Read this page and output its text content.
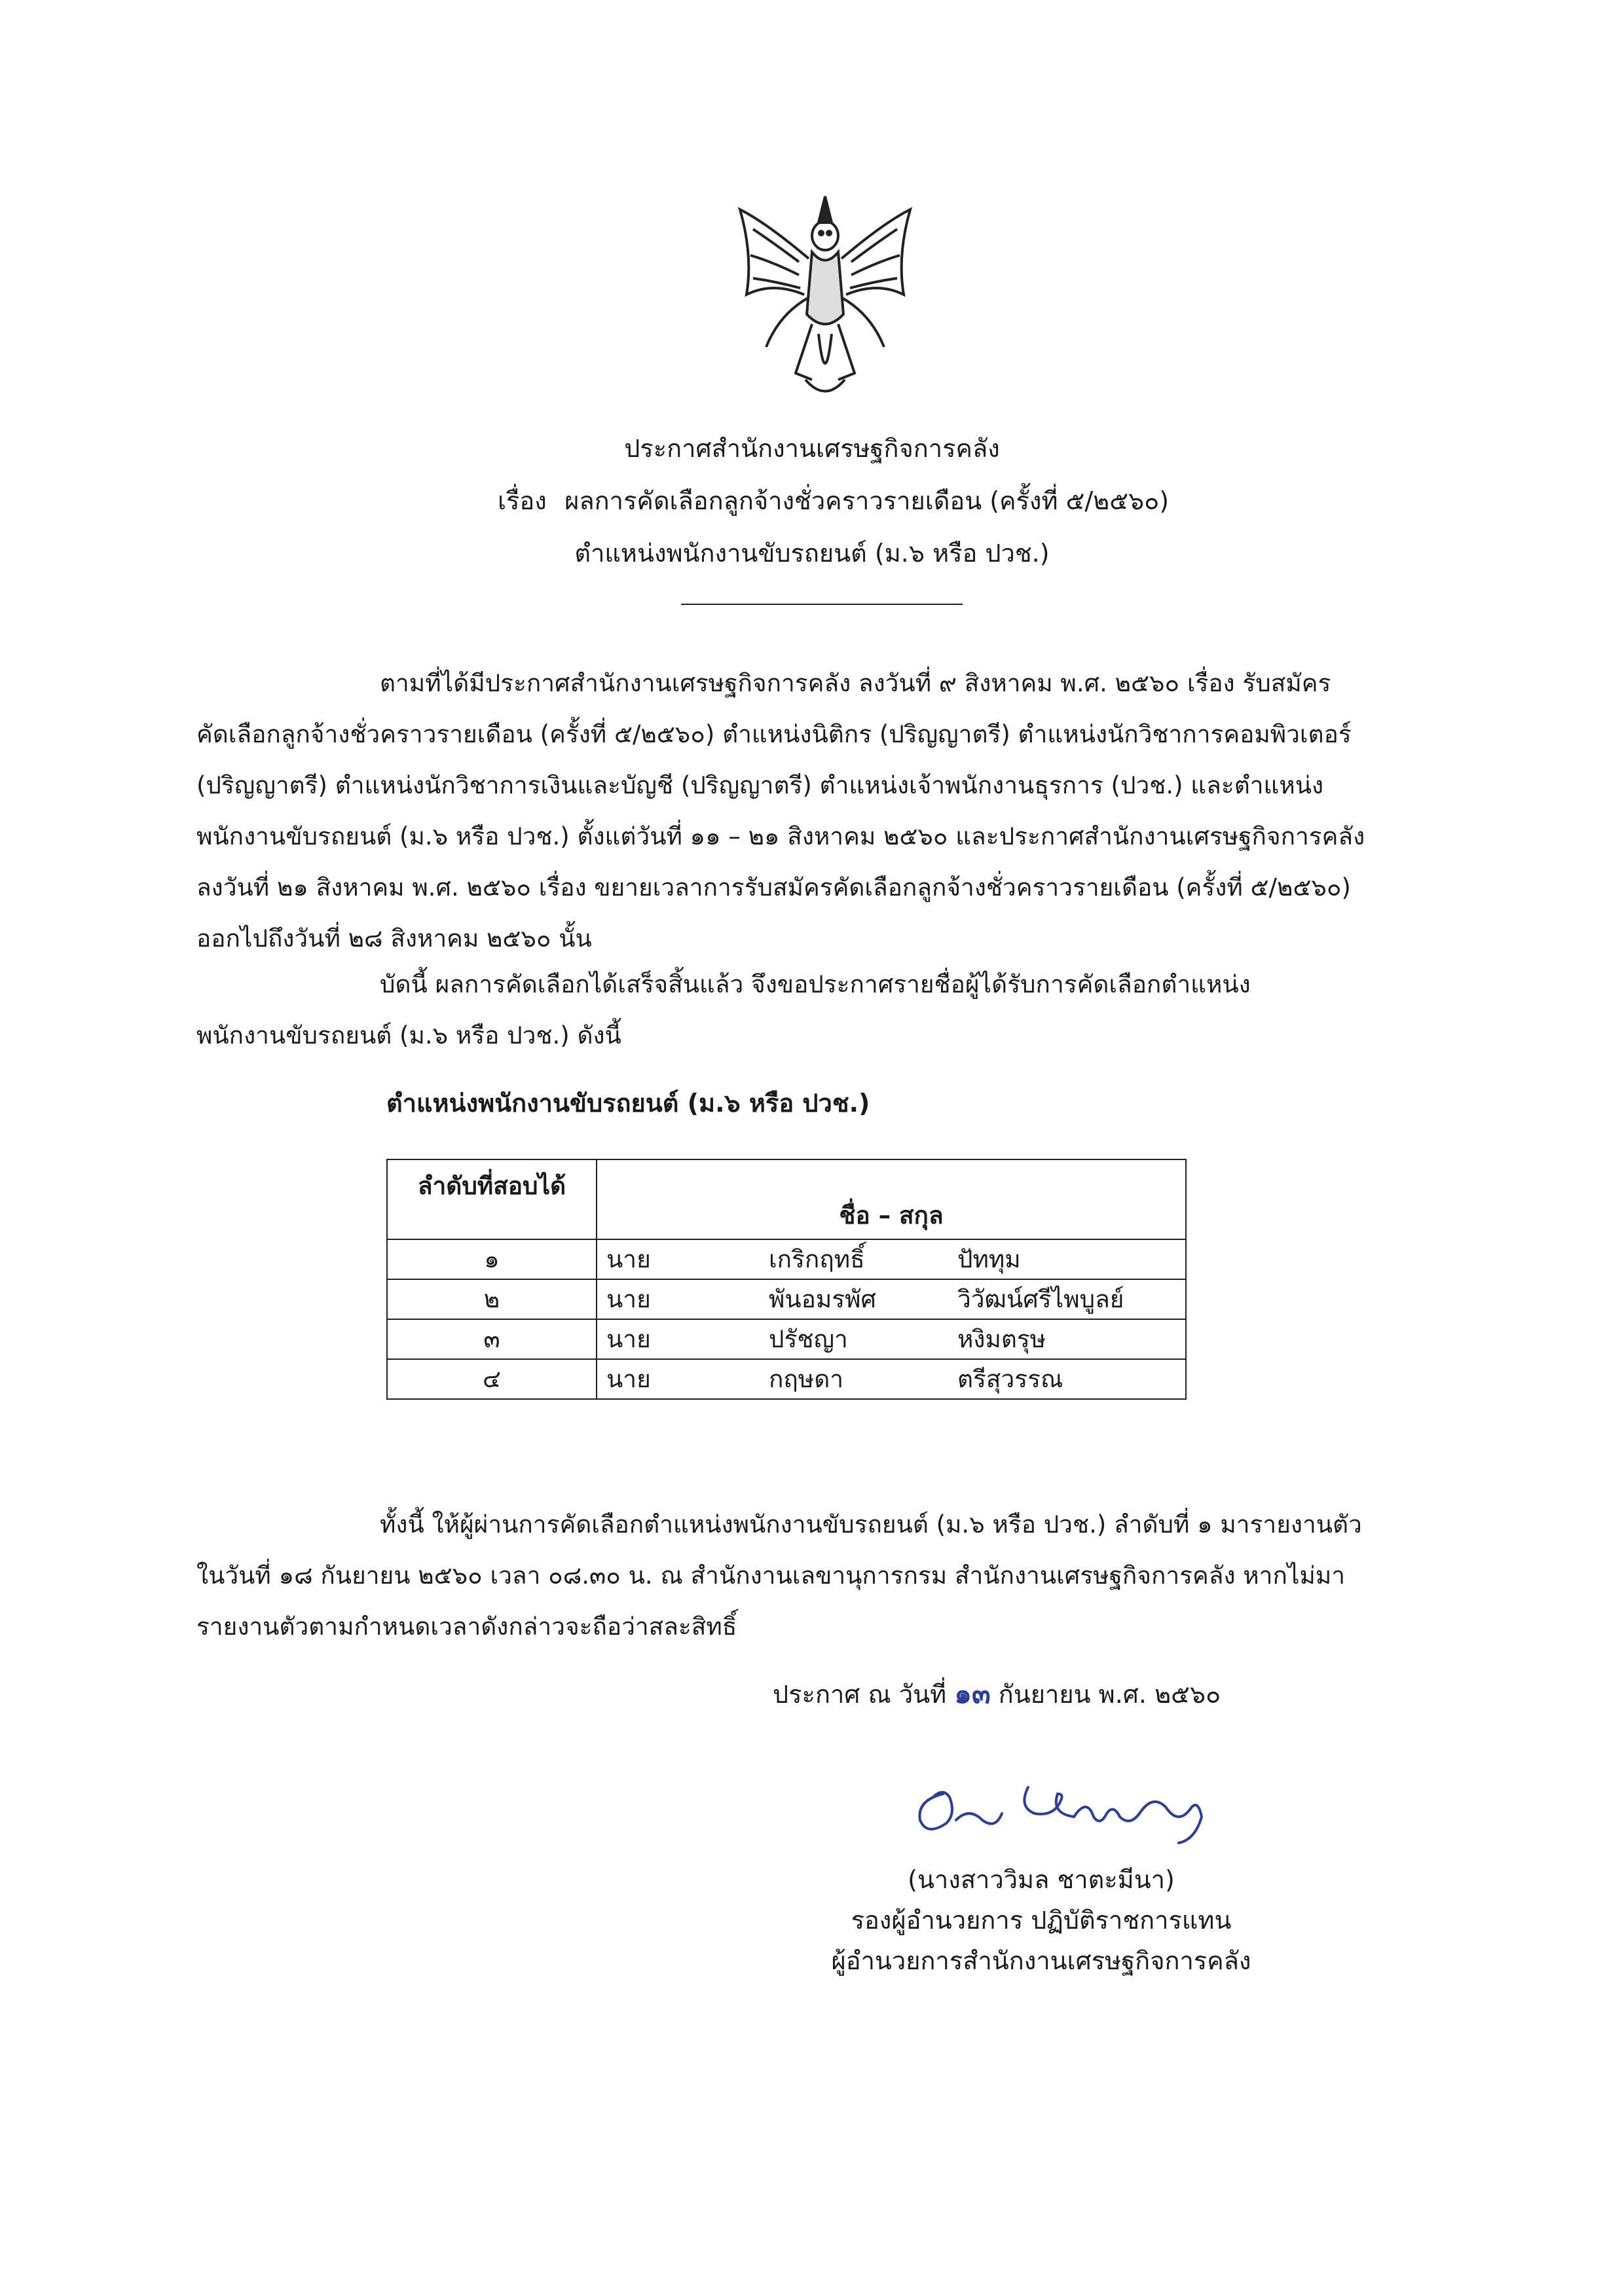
ประกาศสำนักงานเศรษฐกิจการคลัง
เรื่อง ผลการคัดเลือกลูกจ้างชั่วคราวรายเดือน (ครั้งที่ ๕/๒๕๖๐)
ตำแหน่งพนักงานขับรถยนต์ (ม.๖ หรือ ปวช.)
ตามที่ได้มีประกาศสำนักงานเศรษฐกิจการคลัง ลงวันที่ ๙ สิงหาคม พ.ศ. ๒๕๖๐ เรื่อง รับสมัคร
คัดเลือกลูกจ้างชั่วคราวรายเดือน (ครั้งที่ ๕/๒๕๖๐) ตำแหน่งนิติกร (ปริญญาตรี) ตำแหน่งนักวิชาการคอมพิวเตอร์
(ปริญญาตรี) ตำแหน่งนักวิชาการเงินและบัญชี (ปริญญาตรี) ตำแหน่งเจ้าพนักงานธุรการ (ปวช.) และตำแหน่ง
พนักงานขับรถยนต์ (ม.๖ หรือ ปวช.) ตั้งแต่วันที่ ๑๑ – ๒๑ สิงหาคม ๒๕๖๐ และประกาศสำนักงานเศรษฐกิจการคลัง
ลงวันที่ ๒๑ สิงหาคม พ.ศ. ๒๕๖๐ เรื่อง ขยายเวลาการรับสมัครคัดเลือกลูกจ้างชั่วคราวรายเดือน (ครั้งที่ ๕/๒๕๖๐)
ออกไปถึงวันที่ ๒๘ สิงหาคม ๒๕๖๐ นั้น
บัดนี้ ผลการคัดเลือกได้เสร็จสิ้นแล้ว จึงขอประกาศรายชื่อผู้ได้รับการคัดเลือกตำแหน่ง
พนักงานขับรถยนต์ (ม.๖ หรือ ปวช.) ดังนี้
ตำแหน่งพนักงานขับรถยนต์ (ม.๖ หรือ ปวช.)
ลำดับที่สอบได้	ชื่อ – สกุล		
๑	นาย	เกริกฤทธิ์	ปัททุม
๒	นาย	พันอมรพัศ	วิวัฒน์ศรีไพบูลย์
๓	นาย	ปรัชญา	หงิมตรุษ
๔	นาย	กฤษดา	ตรีสุวรรณ
ทั้งนี้ ให้ผู้ผ่านการคัดเลือกตำแหน่งพนักงานขับรถยนต์ (ม.๖ หรือ ปวช.) ลำดับที่ ๑ มารายงานตัว
ในวันที่ ๑๘ กันยายน ๒๕๖๐ เวลา ๐๘.๓๐ น. ณ สำนักงานเลขานุการกรม สำนักงานเศรษฐกิจการคลัง หากไม่มา
รายงานตัวตามกำหนดเวลาดังกล่าวจะถือว่าสละสิทธิ์
ประกาศ ณ วันที่ ๑๓ กันยายน พ.ศ. ๒๕๖๐
(นางสาววิมล ชาตะมีนา)
รองผู้อำนวยการ ปฏิบัติราชการแทน
ผู้อำนวยการสำนักงานเศรษฐกิจการคลัง
